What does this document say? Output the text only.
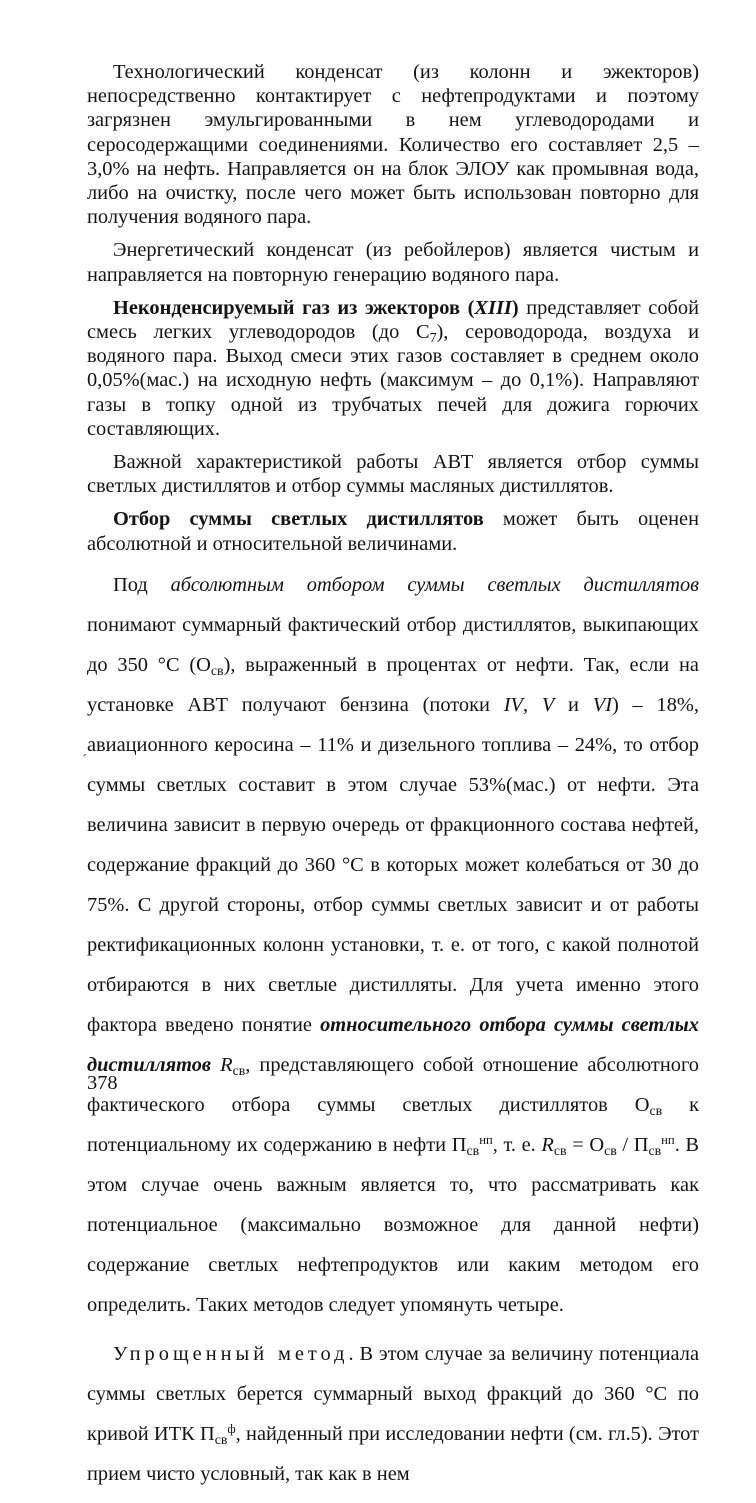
Технологический конденсат (из колонн и эжекторов) непосредственно контактирует с нефтепродуктами и поэтому загрязнен эмульгированными в нем углеводородами и серосодержащими соединениями. Количество его составляет 2,5 – 3,0% на нефть. Направляется он на блок ЭЛОУ как промывная вода, либо на очистку, после чего может быть использован повторно для получения водяного пара.

Энергетический конденсат (из ребойлеров) является чистым и направляется на повторную генерацию водяного пара.

Неконденсируемый газ из эжекторов (XIII) представляет собой смесь легких углеводородов (до $С_7$), сероводорода, воздуха и водяного пара. Выход смеси этих газов составляет в среднем около 0,05%(мас.) на исходную нефть (максимум – до 0,1%). Направляют газы в топку одной из трубчатых печей для дожига горючих составляющих.

Важной характеристикой работы АВТ является отбор суммы светлых дистиллятов и отбор суммы масляных дистиллятов.

Отбор суммы светлых дистиллятов может быть оценен абсолютной и относительной величинами.

Под абсолютным отбором суммы светлых дистиллятов понимают суммарный фактический отбор дистиллятов, выкипающих до 350 °С $(О_{св})$, выраженный в процентах от нефти. Так, если на установке АВТ получают бензина (потоки IV, V и VI) – 18%, авиационного керосина – 11% и дизельного топлива – 24%, то отбор суммы светлых составит в этом случае 53%(мас.) от нефти. Эта величина зависит в первую очередь от фракционного состава нефтей, содержание фракций до 360 °С в которых может колебаться от 30 до 75%. С другой стороны, отбор суммы светлых зависит и от работы ректификационных колонн установки, т. е. от того, с какой полнотой отбираются в них светлые дистилляты. Для учета именно этого фактора введено понятие относительного отбора суммы светлых дистиллятов $R_{св}$, представляющего собой отношение абсолютного фактического отбора суммы светлых дистиллятов $О_{св}$ к потенциальному их содержанию в нефти $П_{св}^{нп}$, т. е. $R_{св} = О_{св} / П_{св}^{нп}$. В этом случае очень важным является то, что рассматривать как потенциальное (максимально возможное для данной нефти) содержание светлых нефтепродуктов или каким методом его определить. Таких методов следует упомянуть четыре.

Упрощенный метод. В этом случае за величину потенциала суммы светлых берется суммарный выход фракций до 360 °С по кривой ИТК $П_{св}^ф$, найденный при исследовании нефти (см. гл.5). Этот прием чисто условный, так как в нем

´
378
